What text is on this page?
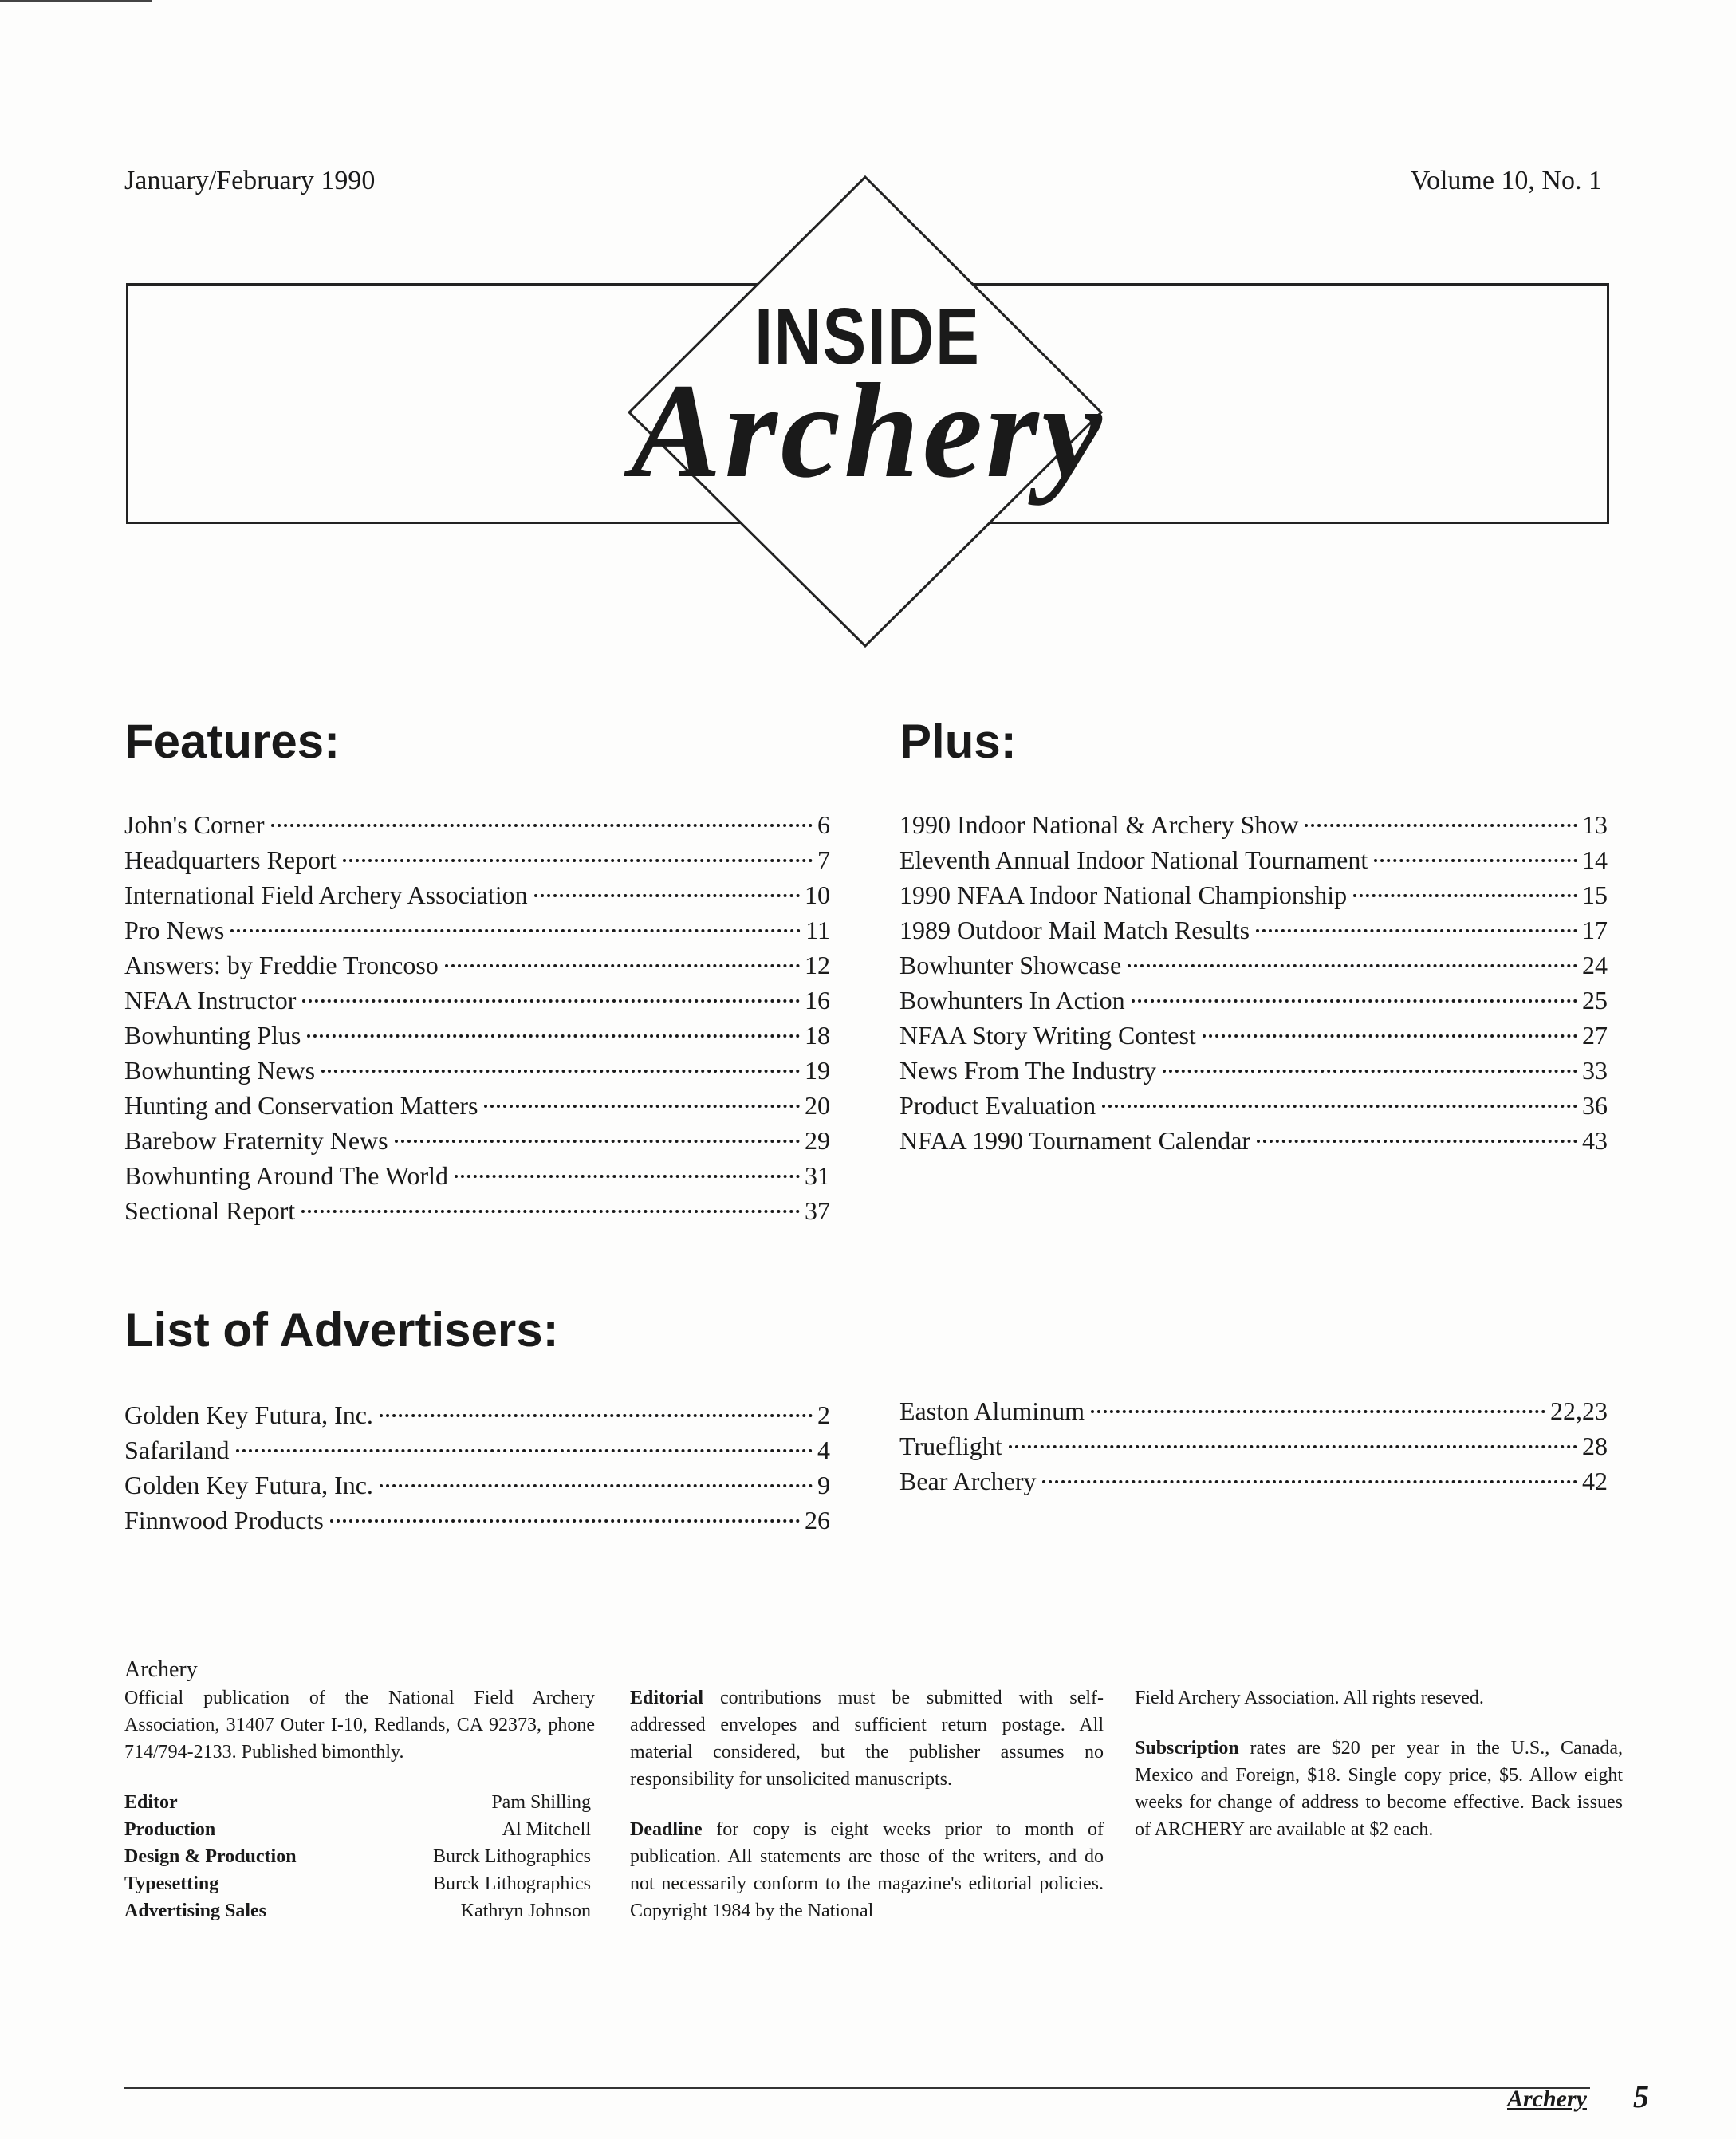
January/February 1990	Volume 10, No. 1
INSIDE
Archery
Features:	Plus:
John's Corner	6
Headquarters Report	7
International Field Archery Association	10
Pro News	11
Answers: by Freddie Troncoso	12
NFAA Instructor	16
Bowhunting Plus	18
Bowhunting News	19
Hunting and Conservation Matters	20
Barebow Fraternity News	29
Bowhunting Around The World	31
Sectional Report	37
1990 Indoor National & Archery Show	13
Eleventh Annual Indoor National Tournament	14
1990 NFAA Indoor National Championship	15
1989 Outdoor Mail Match Results	17
Bowhunter Showcase	24
Bowhunters In Action	25
NFAA Story Writing Contest	27
News From The Industry	33
Product Evaluation	36
NFAA 1990 Tournament Calendar	43
List of Advertisers:
Golden Key Futura, Inc.	2
Safariland	4
Golden Key Futura, Inc.	9
Finnwood Products	26
Easton Aluminum	22,23
Trueflight	28
Bear Archery	42
Archery
Official publication of the National Field Archery Association, 31407 Outer I-10, Redlands, CA 92373, phone 714/794-2133. Published bimonthly.
Editor	Pam Shilling
Production	Al Mitchell
Design & Production	Burck Lithographics
Typesetting	Burck Lithographics
Advertising Sales	Kathryn Johnson
Editorial contributions must be submitted with self-addressed envelopes and sufficient return postage. All material considered, but the publisher assumes no responsibility for unsolicited manuscripts.
Deadline for copy is eight weeks prior to month of publication. All statements are those of the writers, and do not necessarily conform to the magazine's editorial policies. Copyright 1984 by the National
Field Archery Association. All rights reseved.
Subscription rates are $20 per year in the U.S., Canada, Mexico and Foreign, $18. Single copy price, $5. Allow eight weeks for change of address to become effective. Back issues of ARCHERY are available at $2 each.
Archery 5
